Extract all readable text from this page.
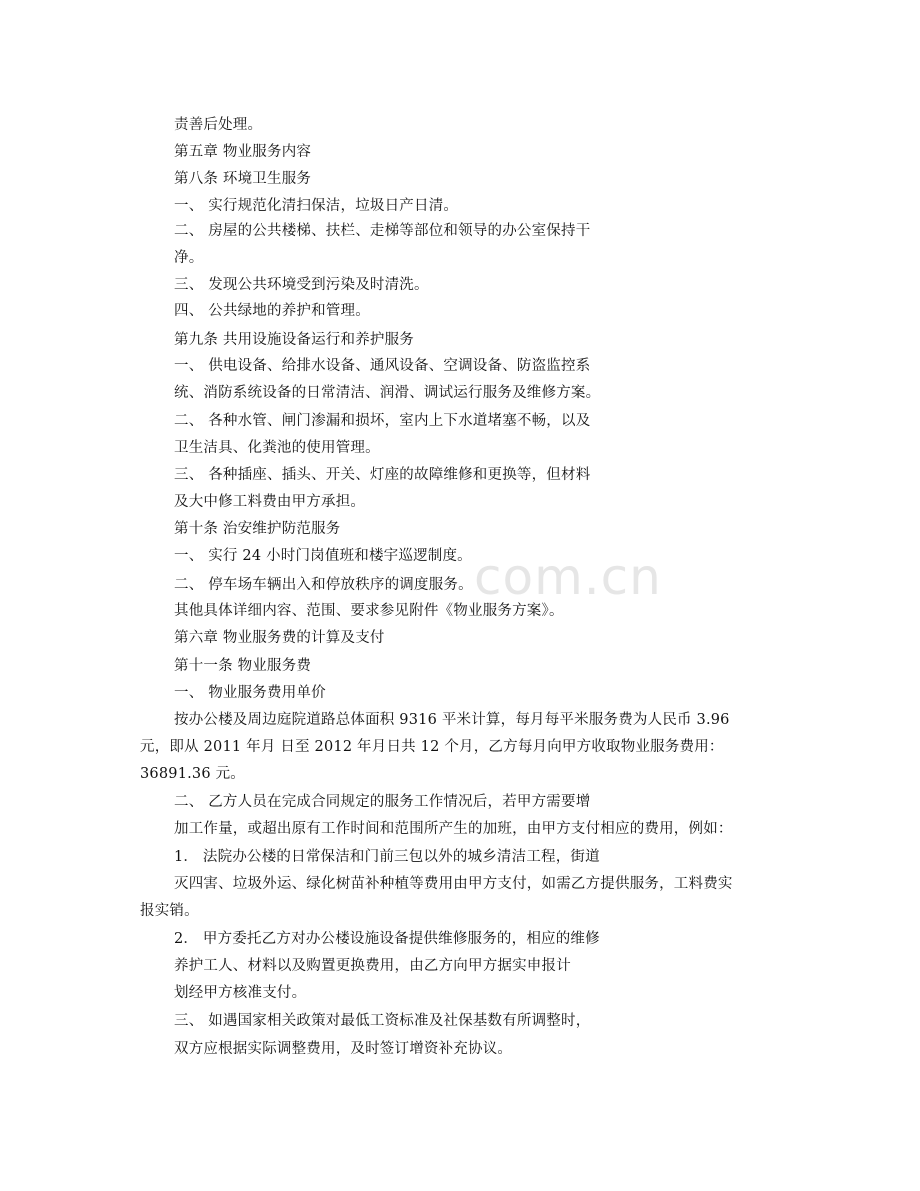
com.cn
责善后处理。
第五章 物业服务内容
第八条 环境卫生服务
一、 实行规范化清扫保洁，垃圾日产日清。
二、 房屋的公共楼梯、扶栏、走梯等部位和领导的办公室保持干
净。
三、 发现公共环境受到污染及时清洗。
四、 公共绿地的养护和管理。
第九条 共用设施设备运行和养护服务
一、 供电设备、给排水设备、通风设备、空调设备、防盗监控系
统、消防系统设备的日常清洁、润滑、调试运行服务及维修方案。
二、 各种水管、闸门渗漏和损坏，室内上下水道堵塞不畅，以及
卫生洁具、化粪池的使用管理。
三、 各种插座、插头、开关、灯座的故障维修和更换等，但材料
及大中修工料费由甲方承担。
第十条 治安维护防范服务
一、 实行 24 小时门岗值班和楼宇巡逻制度。
二、 停车场车辆出入和停放秩序的调度服务。
其他具体详细内容、范围、要求参见附件《物业服务方案》。
第六章 物业服务费的计算及支付
第十一条 物业服务费
一、 物业服务费用单价
按办公楼及周边庭院道路总体面积 9316 平米计算，每月每平米服务费为人民币 3.96
元，即从 2011 年月 日至 2012 年月日共 12 个月，乙方每月向甲方收取物业服务费用：
36891.36 元。
二、 乙方人员在完成合同规定的服务工作情况后，若甲方需要增
加工作量，或超出原有工作时间和范围所产生的加班，由甲方支付相应的费用，例如：
1． 法院办公楼的日常保洁和门前三包以外的城乡清洁工程，街道
灭四害、垃圾外运、绿化树苗补种植等费用由甲方支付，如需乙方提供服务，工料费实
报实销。
2． 甲方委托乙方对办公楼设施设备提供维修服务的，相应的维修
养护工人、材料以及购置更换费用，由乙方向甲方据实申报计
划经甲方核准支付。
三、 如遇国家相关政策对最低工资标准及社保基数有所调整时，
双方应根据实际调整费用，及时签订增资补充协议。
